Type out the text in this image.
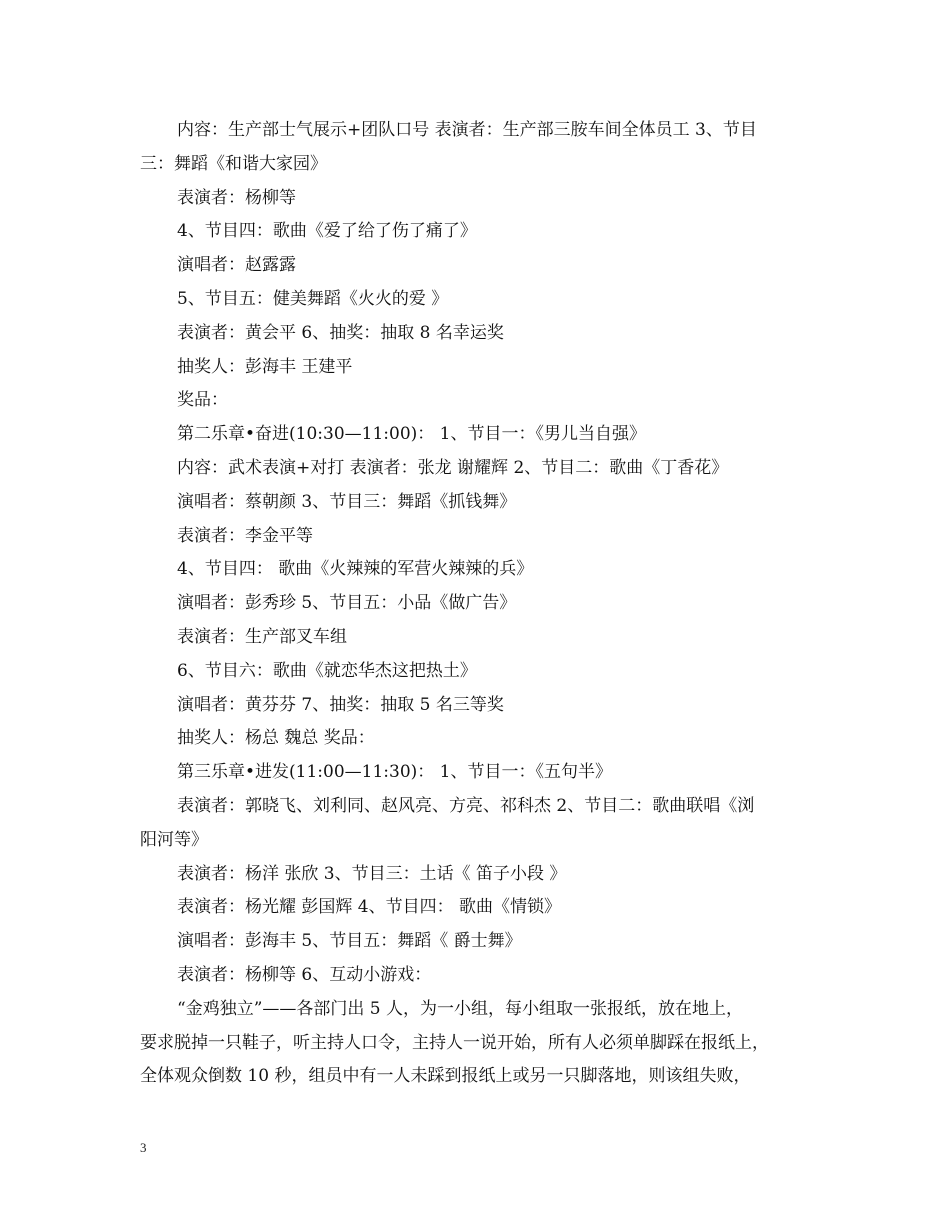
内容：生产部士气展示+团队口号 表演者：生产部三胺车间全体员工 3、节目
三：舞蹈《和谐大家园》
表演者：杨柳等
4、节目四：歌曲《爱了给了伤了痛了》
演唱者：赵露露
5、节目五：健美舞蹈《火火的爱 》
表演者：黄会平 6、抽奖：抽取 8 名幸运奖
抽奖人：彭海丰 王建平
奖品：
第二乐章•奋进(10:30—11:00)： 1、节目一：《男儿当自强》
内容：武术表演+对打 表演者：张龙 谢耀辉 2、节目二：歌曲《丁香花》
演唱者：蔡朝颜 3、节目三：舞蹈《抓钱舞》
表演者：李金平等
4、节目四： 歌曲《火辣辣的军营火辣辣的兵》
演唱者：彭秀珍 5、节目五：小品《做广告》
表演者：生产部叉车组
6、节目六：歌曲《就恋华杰这把热土》
演唱者：黄芬芬 7、抽奖：抽取 5 名三等奖
抽奖人：杨总 魏总 奖品：
第三乐章•进发(11:00—11:30)： 1、节目一：《五句半》
表演者：郭晓飞、刘利同、赵风亮、方亮、祁科杰 2、节目二：歌曲联唱《浏
阳河等》
表演者：杨洋 张欣 3、节目三：土话《 笛子小段 》
表演者：杨光耀 彭国辉 4、节目四： 歌曲《情锁》
演唱者：彭海丰 5、节目五：舞蹈《 爵士舞》
表演者：杨柳等 6、互动小游戏：
“金鸡独立”——各部门出 5 人，为一小组，每小组取一张报纸，放在地上，
要求脱掉一只鞋子，听主持人口令，主持人一说开始，所有人必须单脚踩在报纸上，
全体观众倒数 10 秒，组员中有一人未踩到报纸上或另一只脚落地，则该组失败，
3
